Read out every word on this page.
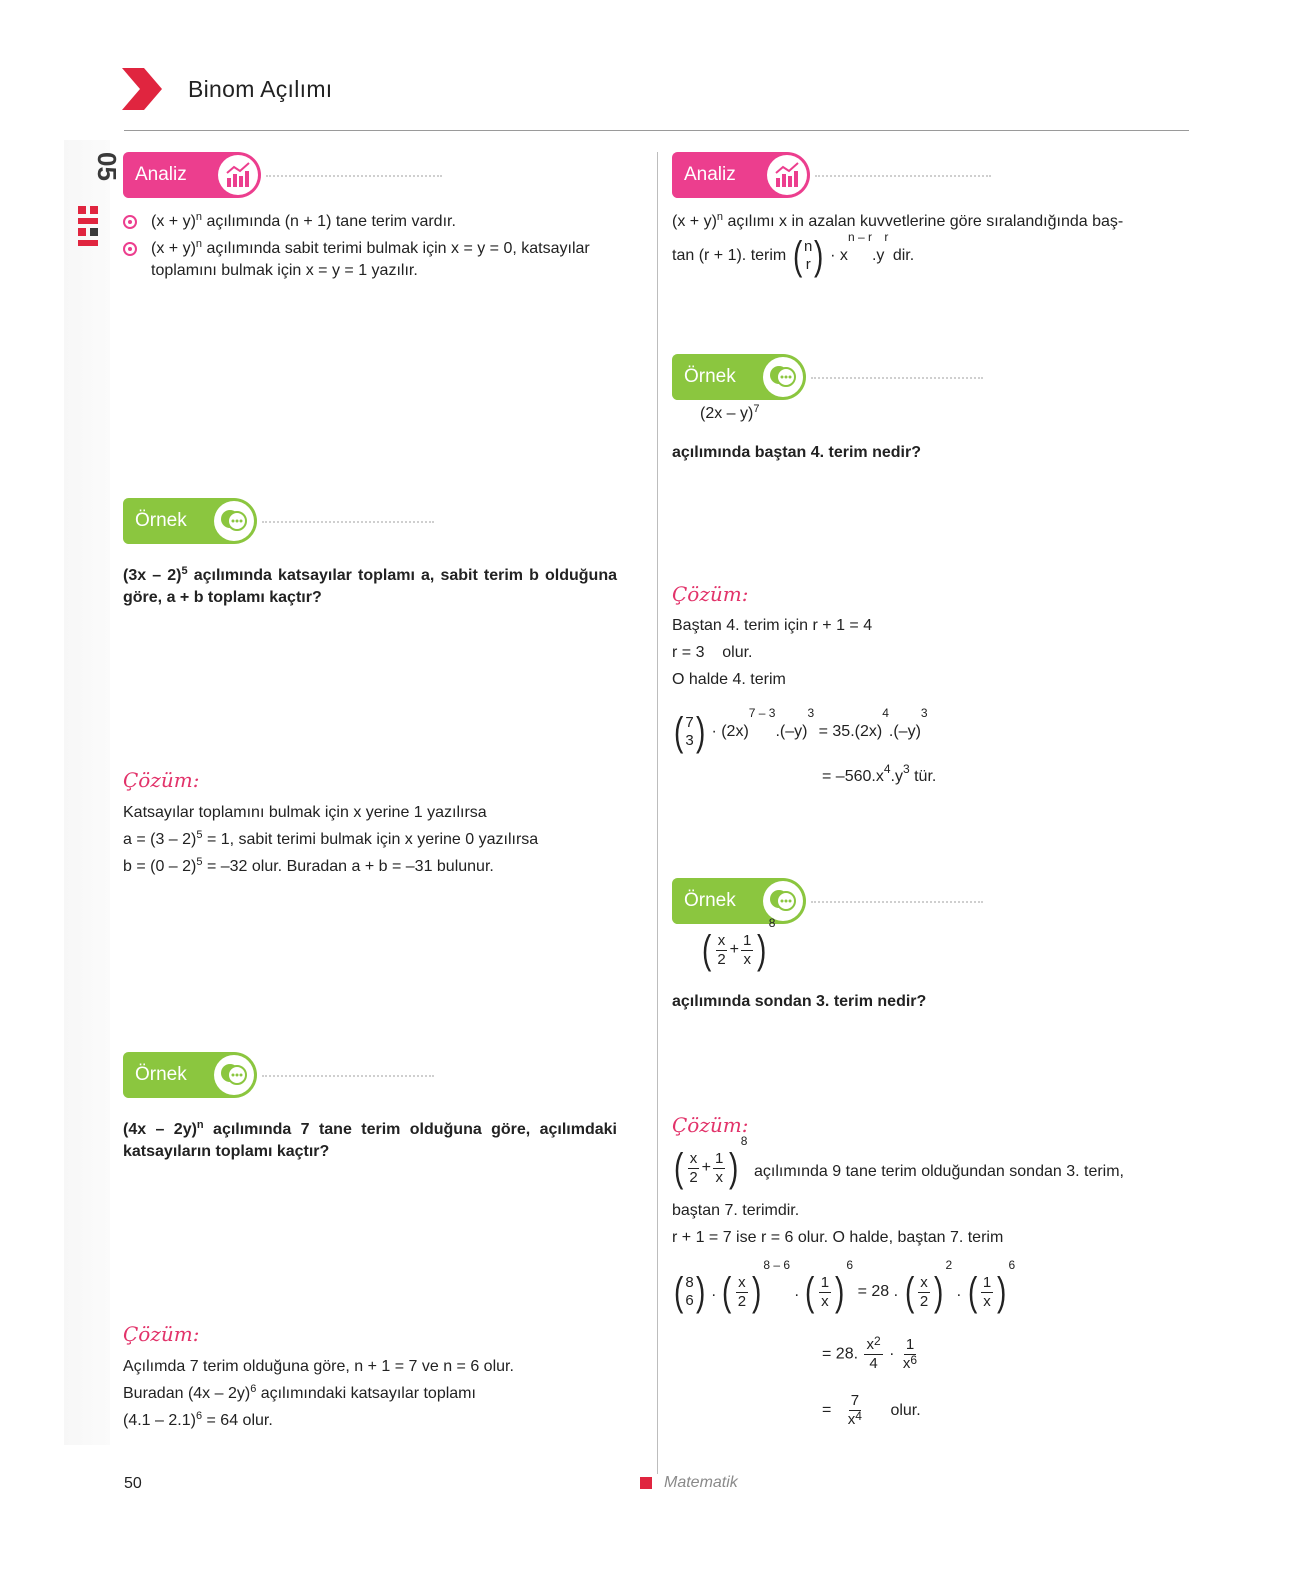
05
Binom Açılımı
Analiz
$(x + y)^n$ açılımında (n + 1) tane terim vardır.
$(x + y)^n$ açılımında sabit terimi bulmak için x = y = 0, katsayılar toplamını bulmak için x = y = 1 yazılır.
Örnek
(3x – 2)$^5$ açılımında katsayılar toplamı a, sabit terim b olduğuna göre, a + b toplamı kaçtır?
Çözüm:
Katsayılar toplamını bulmak için x yerine 1 yazılırsa
a = (3 – 2)$^5$ = 1, sabit terimi bulmak için x yerine 0 yazılırsa
b = (0 – 2)$^5$ = –32 olur. Buradan a + b = –31 bulunur.
Örnek
(4x – 2y)$^n$ açılımında 7 tane terim olduğuna göre, açılımdaki katsayıların toplamı kaçtır?
Çözüm:
Açılımda 7 terim olduğuna göre, n + 1 = 7 ve n = 6 olur.
Buradan (4x – 2y)$^6$ açılımındaki katsayılar toplamı
(4.1 – 2.1)$^6$ = 64 olur.
Analiz
$(x + y)^n$ açılımı x in azalan kuvvetlerine göre sıralandığında baş-
tan (r + 1). terim ( n
r ) · $x^{n - r}.y^r$ dir.
Örnek
(2x – y)$^7$
açılımında baştan 4. terim nedir?
Çözüm:
Baştan 4. terim için r + 1 = 4
r = 3    olur.
O halde 4. terim
( 7
3 ) · $(2x)^{7 - 3}.(-y)^3 = 35.(2x)^4.(-y)^3$
= $-560.x^4.y^3$ tür.
Örnek
( $\frac{x}{2} + \frac{1}{x} )^8$
açılımında sondan 3. terim nedir?
Çözüm:
( $\frac{x}{2} + \frac{1}{x} )^8$
açılımında 9 tane terim olduğundan sondan 3. terim,
baştan 7. terimdir.
r + 1 = 7 ise r = 6 olur. O halde, baştan 7. terim
( 8
6 ) . ( $\frac{x}{2} )^{8 - 6}$ . ( $\frac{1}{x} )^6 = 28$ . ( $\frac{x}{2} )^2$ . ( $\frac{1}{x} )^6$
= 28. $\frac{x^2}{4} \cdot \frac{1}{x^6}$
= $\frac{7}{x^4}$ olur.
50	Matematik
